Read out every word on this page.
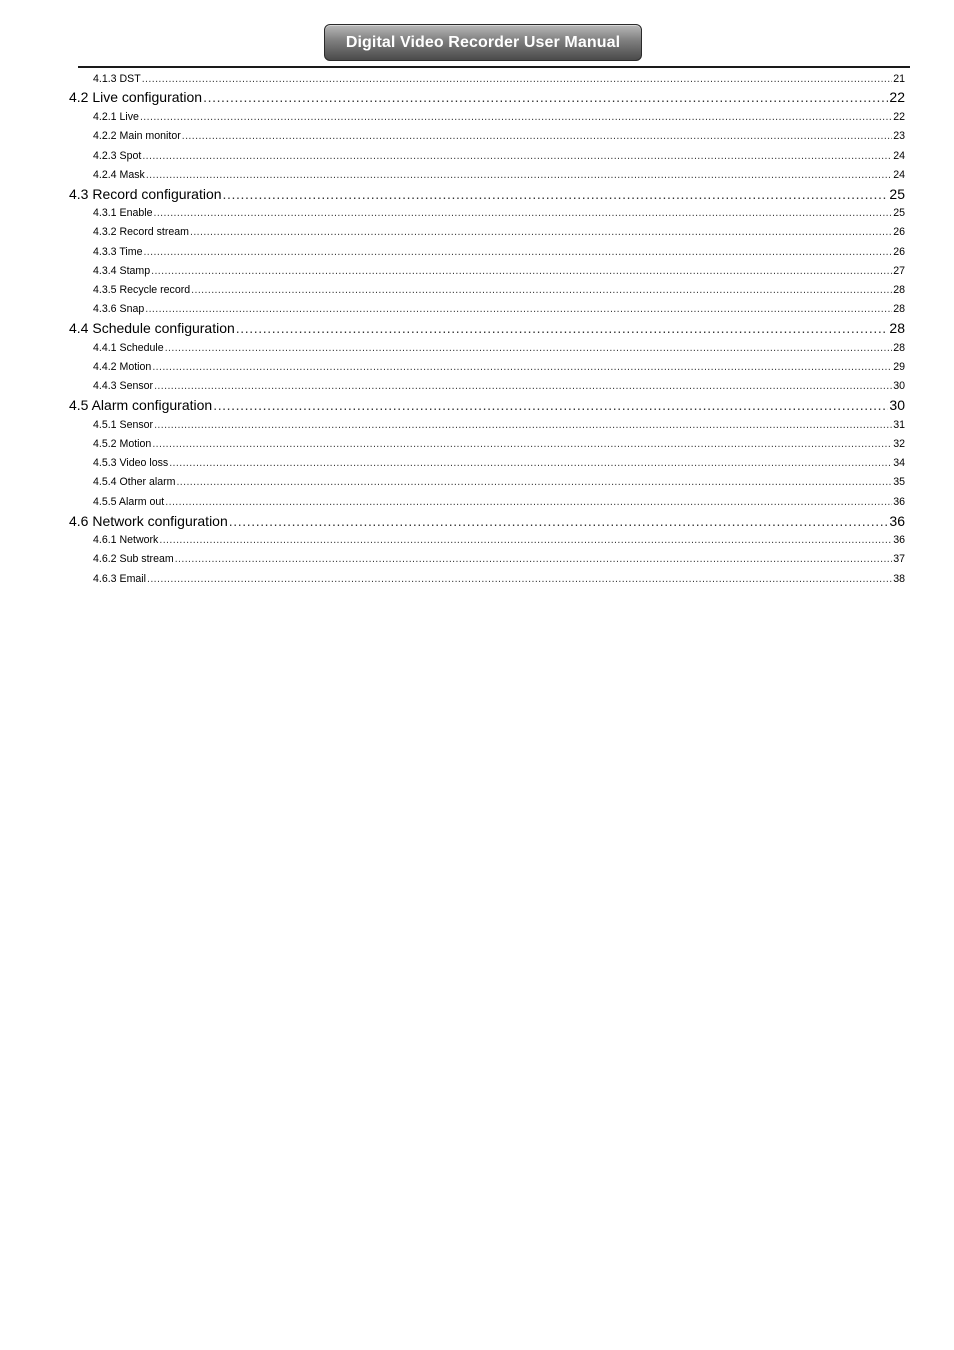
Digital Video Recorder User Manual
4.1.3 DST .....	21
4.2 Live configuration .....	22
4.2.1 Live .....	22
4.2.2 Main monitor .....	23
4.2.3 Spot .....	24
4.2.4 Mask .....	24
4.3 Record configuration .....	25
4.3.1 Enable .....	25
4.3.2 Record stream .....	26
4.3.3 Time .....	26
4.3.4 Stamp .....	27
4.3.5 Recycle record .....	28
4.3.6 Snap .....	28
4.4 Schedule configuration .....	28
4.4.1 Schedule .....	28
4.4.2 Motion .....	29
4.4.3 Sensor .....	30
4.5 Alarm configuration .....	30
4.5.1 Sensor .....	31
4.5.2 Motion .....	32
4.5.3 Video loss .....	34
4.5.4 Other alarm .....	35
4.5.5 Alarm out .....	36
4.6 Network configuration .....	36
4.6.1 Network .....	36
4.6.2 Sub stream .....	37
4.6.3 Email .....	38
